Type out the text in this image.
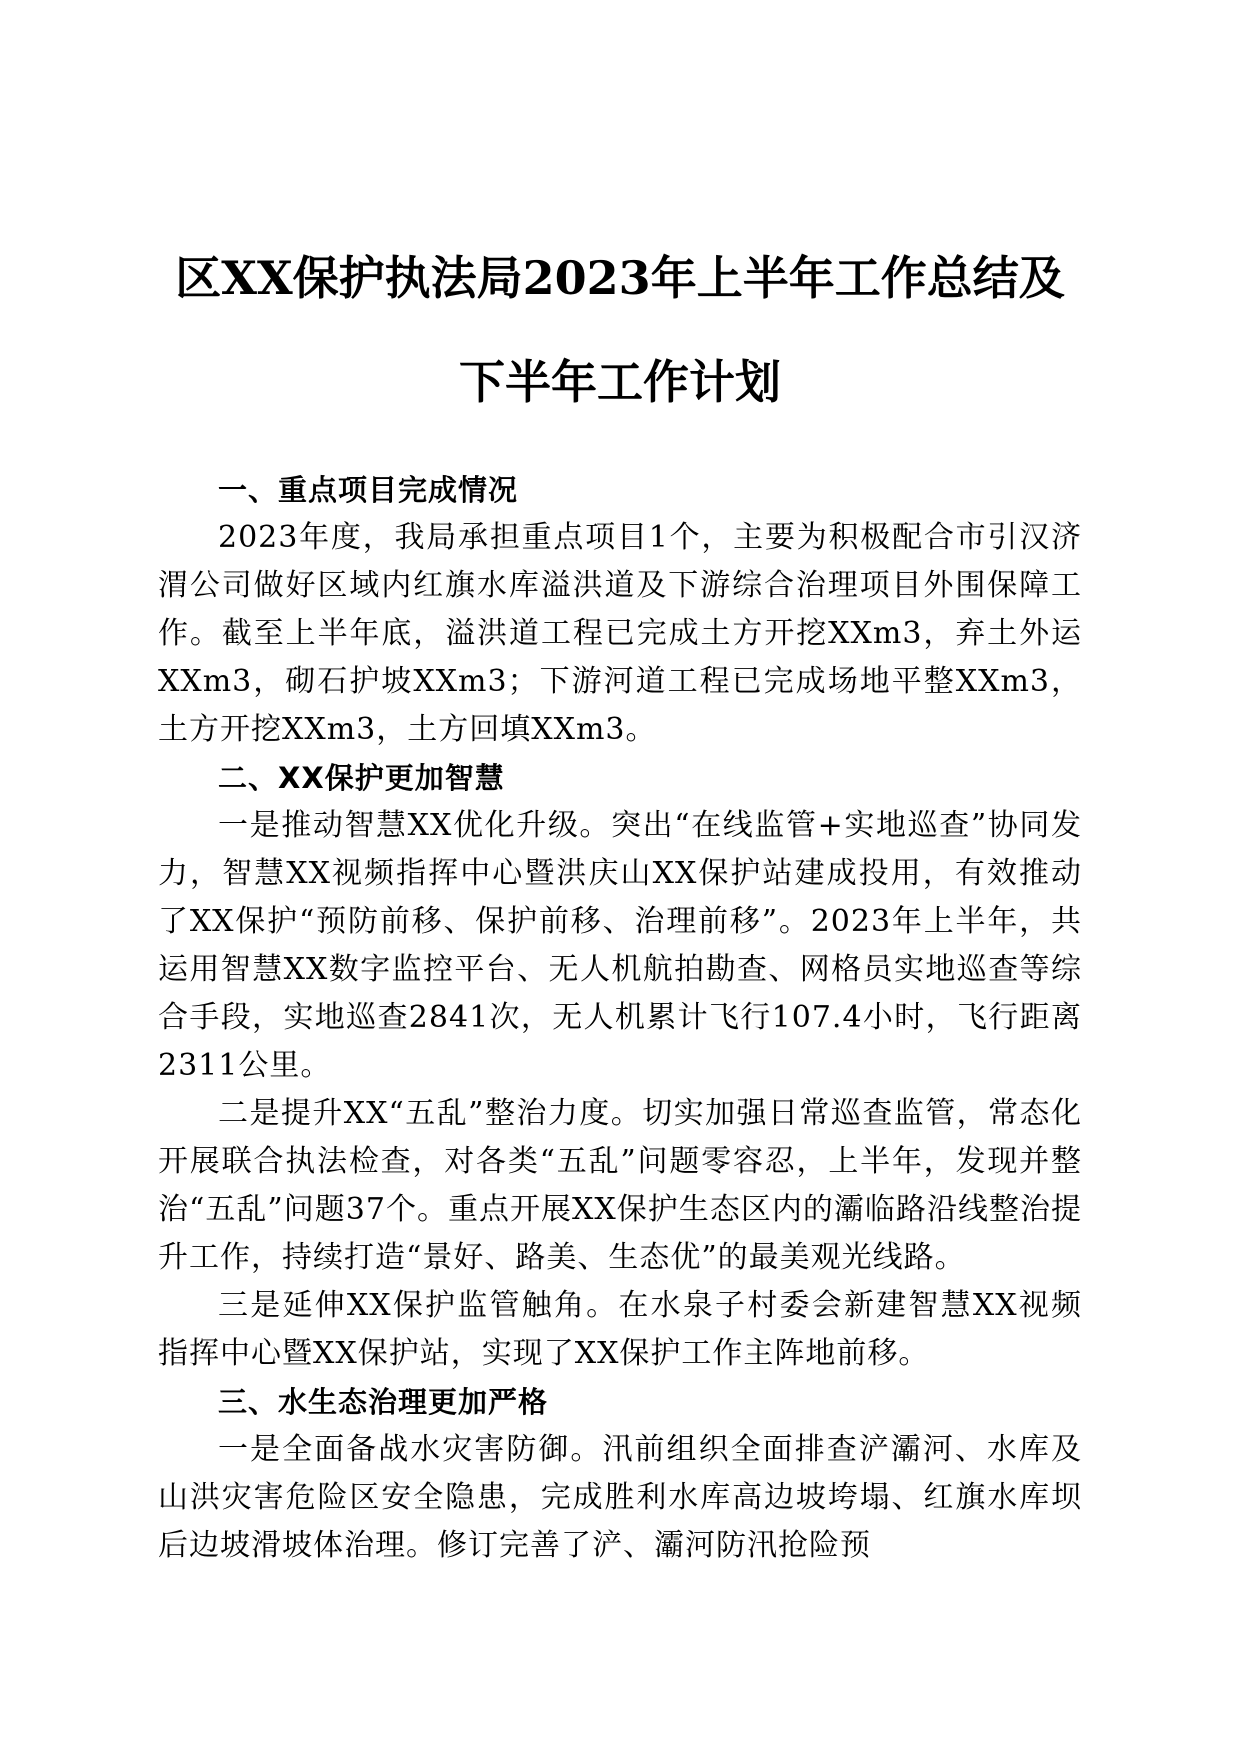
区XX保护执法局2023年上半年工作总结及
下半年工作计划
一、重点项目完成情况

2023年度，我局承担重点项目1个，主要为积极配合市引汉济渭公司做好区域内红旗水库溢洪道及下游综合治理项目外围保障工作。截至上半年底，溢洪道工程已完成土方开挖XXm3，弃土外运XXm3，砌石护坡XXm3；下游河道工程已完成场地平整XXm3，土方开挖XXm3，土方回填XXm3。

二、XX保护更加智慧

一是推动智慧XX优化升级。突出“在线监管+实地巡查”协同发力，智慧XX视频指挥中心暨洪庆山XX保护站建成投用，有效推动了XX保护“预防前移、保护前移、治理前移”。2023年上半年，共运用智慧XX数字监控平台、无人机航拍勘查、网格员实地巡查等综合手段，实地巡查2841次，无人机累计飞行107.4小时，飞行距离2311公里。

二是提升XX“五乱”整治力度。切实加强日常巡查监管，常态化开展联合执法检查，对各类“五乱”问题零容忍，上半年，发现并整治“五乱”问题37个。重点开展XX保护生态区内的灞临路沿线整治提升工作，持续打造“景好、路美、生态优”的最美观光线路。

三是延伸XX保护监管触角。在水泉子村委会新建智慧XX视频指挥中心暨XX保护站，实现了XX保护工作主阵地前移。

三、水生态治理更加严格

一是全面备战水灾害防御。汛前组织全面排查浐灞河、水库及山洪灾害危险区安全隐患，完成胜利水库高边坡垮塌、红旗水库坝后边坡滑坡体治理。修订完善了浐、灞河防汛抢险预
